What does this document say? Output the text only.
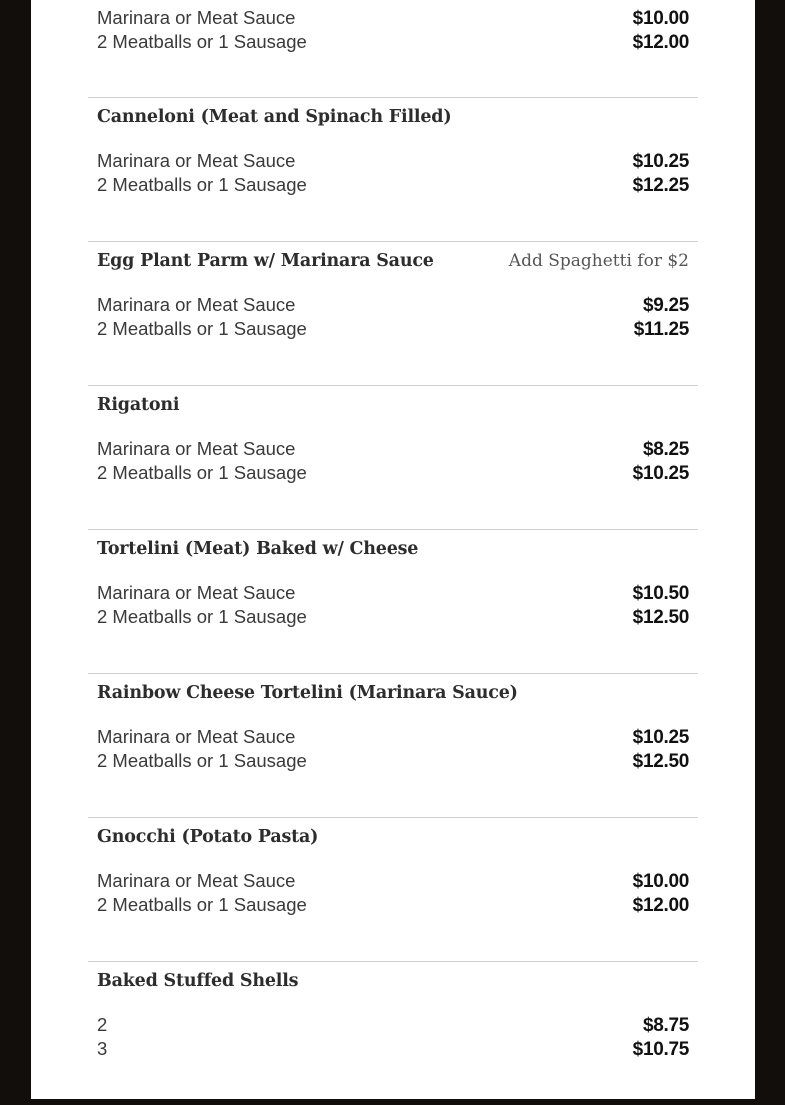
Marinara or Meat Sauce	$10.00
2 Meatballs or 1 Sausage	$12.00
Canneloni (Meat and Spinach Filled)
Marinara or Meat Sauce	$10.25
2 Meatballs or 1 Sausage	$12.25
Egg Plant Parm w/ Marinara Sauce	Add Spaghetti for $2
Marinara or Meat Sauce	$9.25
2 Meatballs or 1 Sausage	$11.25
Rigatoni
Marinara or Meat Sauce	$8.25
2 Meatballs or 1 Sausage	$10.25
Tortelini (Meat) Baked w/ Cheese
Marinara or Meat Sauce	$10.50
2 Meatballs or 1 Sausage	$12.50
Rainbow Cheese Tortelini (Marinara Sauce)
Marinara or Meat Sauce	$10.25
2 Meatballs or 1 Sausage	$12.50
Gnocchi (Potato Pasta)
Marinara or Meat Sauce	$10.00
2 Meatballs or 1 Sausage	$12.00
Baked Stuffed Shells
2	$8.75
3	$10.75
